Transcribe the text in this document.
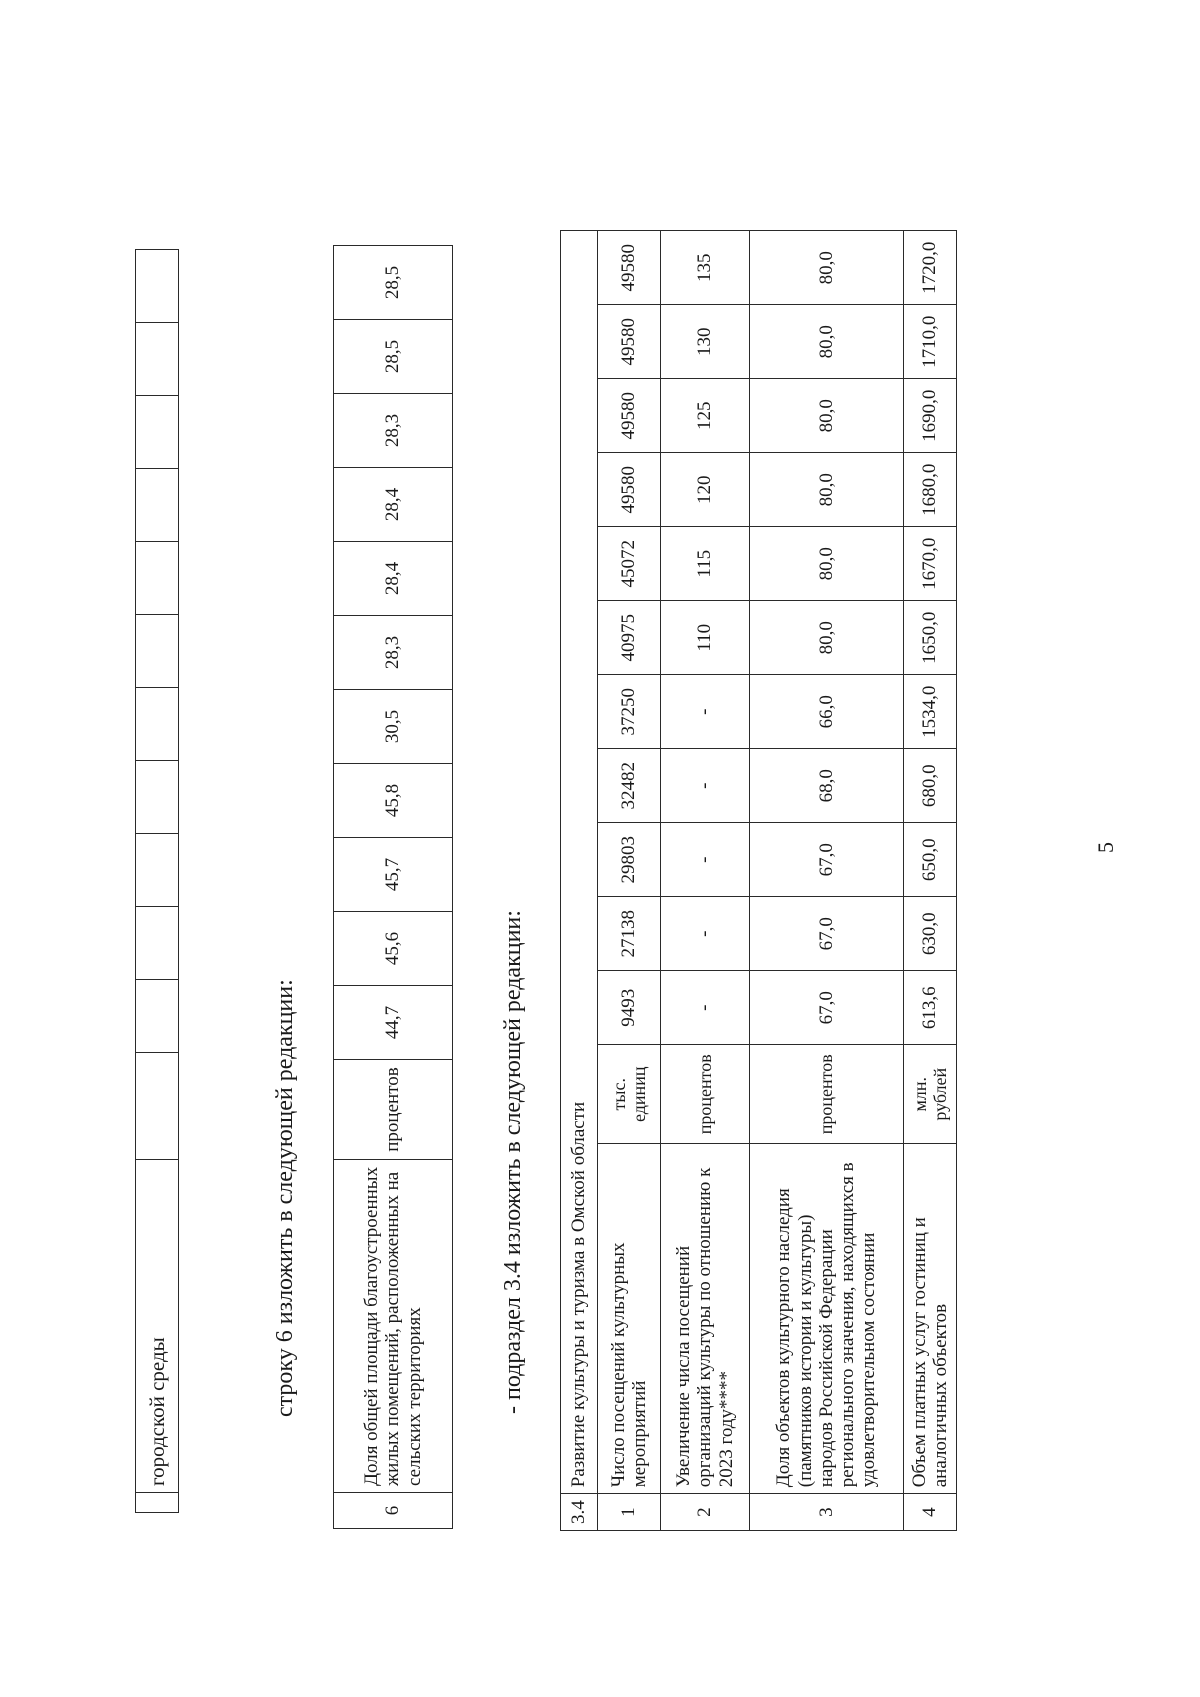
5
	городской среды													строку 6 изложить в следующей редакции:
6	Доля общей площади благоустроенных жилых помещений, расположенных на сельских территориях	процентов	44,7	45,6	45,7	45,8	30,5	28,3	28,4	28,4	28,3	28,5	28,5
- подраздел 3.4 изложить в следующей редакции:
3.4	Развитие культуры и туризма в Омской области												
1	Число посещений культурных мероприятий	тыс. единиц	9493	27138	29803	32482	37250	40975	45072	49580	49580	49580	49580
2	Увеличение числа посещений организаций культуры по отношению к 2023 году****	процентов	-	-	-	-	-	110	115	120	125	130	135
3	Доля объектов культурного наследия (памятников истории и культуры) народов Российской Федерации регионального значения, находящихся в удовлетворительном состоянии	процентов	67,0	67,0	67,0	68,0	66,0	80,0	80,0	80,0	80,0	80,0	80,0
4	Объем платных услуг гостиниц и аналогичных объектов	млн. рублей	613,6	630,0	650,0	680,0	1534,0	1650,0	1670,0	1680,0	1690,0	1710,0	1720,0
